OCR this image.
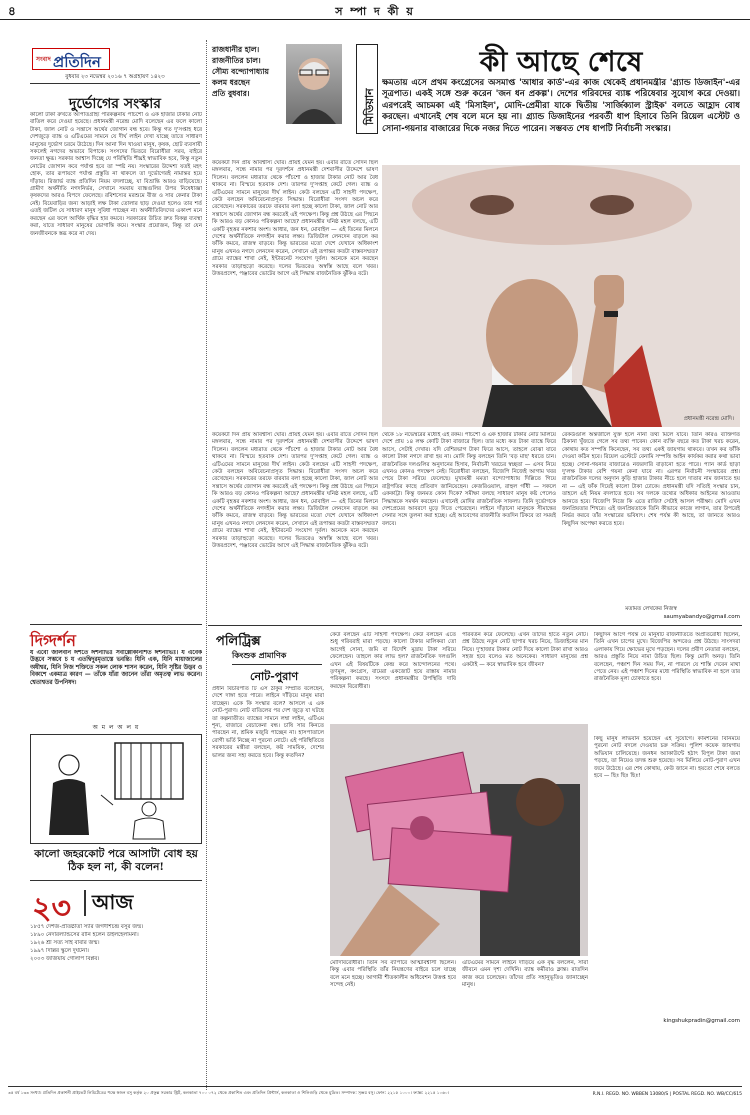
৪	স ম্পা দ কী য়
সংবাদ প্রতিদিন
বুধবার ২৩ নভেম্বর ২০১৬ ৭ অগ্রহায়ণ ১৪২৩
দুর্ভোগের সংস্কার
কালো টাকা রুখতে আপাতগ্রাহ্য পরিকল্পনায় পাঁচশো ও এক হাজার টাকার নোট বাতিল করে দেওয়া হয়েছে। প্রধানমন্ত্রী নরেন্দ্র মোদি বলেছেন এর ফলে কালো টাকা, জাল নোট ও সন্ত্রাসে অর্থের জোগান বন্ধ হবে। কিন্তু গত দু'সপ্তাহ ধরে দেশজুড়ে ব্যাঙ্ক ও এটিএমের সামনে যে দীর্ঘ লাইন দেখা যাচ্ছে তাতে সাধারণ মানুষের দুর্ভোগ চরমে উঠেছে। দিন আনা দিন খাওয়া মানুষ, কৃষক, ছোট ব্যবসায়ী সকলেই নগদের অভাবে বিপাকে। সংসদের ভিতরে বিরোধীরা সরব, বাইরে জনতা ক্ষুব্ধ। সরকার আশ্বাস দিচ্ছে যে পরিস্থিতি শীঘ্রই স্বাভাবিক হবে, কিন্তু নতুন নোটের জোগান কবে পর্যাপ্ত হবে তা স্পষ্ট নয়। সংস্কারের উদ্দেশ্য যতই মহৎ হোক, তার রূপায়ণে পর্যাপ্ত প্রস্তুতি না থাকলে তা দুর্ভোগেরই নামান্তর হয়ে দাঁড়ায়। রিজার্ভ ব্যাঙ্ক প্রতিদিন নিয়ম বদলাচ্ছে, যা বিভ্রান্তি আরও বাড়িয়েছে। গ্রামীণ অর্থনীতি নগদনির্ভর, সেখানে সমবায় ব্যাঙ্কগুলির উপর নিষেধাজ্ঞা কৃষকদের আরও বিপদে ফেলেছে। রবিশস্যের মরশুমে বীজ ও সার কেনার টাকা নেই। বিয়েবাড়ির জন্য আড়াই লক্ষ টাকা তোলার ছাড় দেওয়া হলেও তার শর্ত এতই জটিল যে সাধারণ মানুষ সুবিধা পাচ্ছেন না। অর্থনীতিবিদদের একাংশ মনে করছেন এর ফলে আর্থিক বৃদ্ধির হার কমবে। সরকারের উচিত দ্রুত বিকল্প ব্যবস্থা করা, যাতে সাধারণ মানুষের ভোগান্তি কমে। সংস্কার প্রয়োজন, কিন্তু তা যেন জনজীবনকে স্তব্ধ করে না দেয়।
দিগ্দর্শন
য এবো জালবান ঈশতে ঈশনীভিঃ সর্বাঁল্লোকানীশত ঈশনীভিঃ। য এবৈক উদ্ভবে সম্ভবে চ য এতদ্বিদুরমৃতাস্তে ভবন্তি। যিনি এক, যিনি মায়াজালের অধীশ্বর, যিনি নিজ শক্তিতে সকল লোক শাসন করেন, যিনি সৃষ্টির উদ্ভব ও বিকাশে একমাত্র কারণ — তাঁকে যাঁরা জানেন তাঁরা অমৃতত্ব লাভ করেন। শ্বেতাশ্বতর উপনিষদ।
অ ম ল অ ল য়
কালো জহরকোট পরে আসাটা বোধ হয় ঠিক হল না, কী বলেন!
২৩ আজ
১৮৫৭ দেশজ-প্রতিষ্ঠাতা স্যার জগদীশচন্দ্র বসুর জন্ম।
১৮৯০ নেদারল্যান্ডসের রানি হলেন উইলহেলমিনা।
১৯২৬ শ্রী সত্য সাঁই বাবার জন্ম।
১৯৯৭ দিল্লির স্কুলে দুর্ঘটনা।
২০০৩ জর্জিয়ায় গোলাপ বিপ্লব।
রাজধানীর হাল।
রাজনীতির চাল।
সৌম্য বন্দ্যোপাধ্যায়
কলম ধরছেন
প্রতি বুধবার।	মিডিয়ান
কী আছে শেষে
ক্ষমতায় এসে প্রথম কংগ্রেসের অসমাপ্ত 'আধার কার্ড'-এর কাজ থেকেই প্রধানমন্ত্রীর 'গ্র্যান্ড ডিজাইন'-এর সূত্রপাত। একই সঙ্গে শুরু করেন 'জন ধন প্রকল্প'। দেশের গরিবদের ব্যাঙ্ক পরিষেবার সুযোগ করে দেওয়া। এরপরেই আচমকা এই 'মিসাইল', মোদি-প্রেমীরা যাকে দ্বিতীয় 'সার্জিক্যাল স্ট্রাইক' বলতে আহ্লাদ বোধ করছেন। এখানেই শেষ বলে মনে হয় না। গ্র্যান্ড ডিজাইনের পরবর্তী ধাপ হিসাবে তিনি রিয়েল এস্টেট ও সোনা-গয়নার বাজারের দিকে নজর দিতে পারেন। সম্ভবত শেষ ধাপটি নির্বাচনী সংস্কার।
কয়েকটা দিন প্রায় অবিশ্বাস্য ঘোর। প্রায়ই যেমন হয়। এবার রাতে সেদিন ছিল মঙ্গলবার, সন্ধে নামার পর দূরদর্শনে প্রধানমন্ত্রী দেশবাসীর উদ্দেশে ভাষণ দিলেন। বললেন মধ্যরাত থেকে পাঁচশো ও হাজার টাকার নোট আর বৈধ থাকবে না। বিস্ময়ে হতবাক দেশ। তারপর দু'সপ্তাহ কেটে গেল। ব্যাঙ্ক ও এটিএমের সামনে মানুষের দীর্ঘ লাইন। কেউ বলছেন এটি সাহসী পদক্ষেপ, কেউ বলছেন অবিবেচনাপ্রসূত সিদ্ধান্ত। বিরোধীরা সংসদ অচল করে রেখেছেন। সরকারের তরফে বারবার বলা হচ্ছে কালো টাকা, জাল নোট আর সন্ত্রাসে অর্থের জোগান বন্ধ করতেই এই পদক্ষেপ। কিন্তু প্রশ্ন উঠছে এর পিছনে কি আরও বড় কোনও পরিকল্পনা আছে? প্রধানমন্ত্রীর ঘনিষ্ঠ মহল বলছে, এটি একটি বৃহত্তর নকশার অংশ। আধার, জন ধন, মোবাইল — এই তিনের মিলনে দেশের অর্থনীতিকে নগদহীন করার লক্ষ্য। ডিজিটাল লেনদেন বাড়লে কর ফাঁকি কমবে, রাজস্ব বাড়বে। কিন্তু ভারতের মতো দেশে যেখানে অধিকাংশ মানুষ এখনও নগদে লেনদেন করেন, সেখানে এই রূপান্তর কতটা বাস্তবসম্মত? গ্রামে ব্যাঙ্কের শাখা নেই, ইন্টারনেট সংযোগ দুর্বল। অনেকে মনে করছেন সরকার তাড়াহুড়ো করেছে। দলের ভিতরেও অস্বস্তি আছে বলে খবর। উত্তরপ্রদেশ, পঞ্জাবের ভোটের আগে এই সিদ্ধান্ত রাজনৈতিক ঝুঁকিও বটে।
প্রধানমন্ত্রী নরেন্দ্র মোদি।
কয়েকটা দিন প্রায় অবিশ্বাস্য ঘোর। প্রায়ই যেমন হয়। এবার রাতে সেদিন ছিল মঙ্গলবার, সন্ধে নামার পর দূরদর্শনে প্রধানমন্ত্রী দেশবাসীর উদ্দেশে ভাষণ দিলেন। বললেন মধ্যরাত থেকে পাঁচশো ও হাজার টাকার নোট আর বৈধ থাকবে না। বিস্ময়ে হতবাক দেশ। তারপর দু'সপ্তাহ কেটে গেল। ব্যাঙ্ক ও এটিএমের সামনে মানুষের দীর্ঘ লাইন। কেউ বলছেন এটি সাহসী পদক্ষেপ, কেউ বলছেন অবিবেচনাপ্রসূত সিদ্ধান্ত। বিরোধীরা সংসদ অচল করে রেখেছেন। সরকারের তরফে বারবার বলা হচ্ছে কালো টাকা, জাল নোট আর সন্ত্রাসে অর্থের জোগান বন্ধ করতেই এই পদক্ষেপ। কিন্তু প্রশ্ন উঠছে এর পিছনে কি আরও বড় কোনও পরিকল্পনা আছে? প্রধানমন্ত্রীর ঘনিষ্ঠ মহল বলছে, এটি একটি বৃহত্তর নকশার অংশ। আধার, জন ধন, মোবাইল — এই তিনের মিলনে দেশের অর্থনীতিকে নগদহীন করার লক্ষ্য। ডিজিটাল লেনদেন বাড়লে কর ফাঁকি কমবে, রাজস্ব বাড়বে। কিন্তু ভারতের মতো দেশে যেখানে অধিকাংশ মানুষ এখনও নগদে লেনদেন করেন, সেখানে এই রূপান্তর কতটা বাস্তবসম্মত? গ্রামে ব্যাঙ্কের শাখা নেই, ইন্টারনেট সংযোগ দুর্বল। অনেকে মনে করছেন সরকার তাড়াহুড়ো করেছে। দলের ভিতরেও অস্বস্তি আছে বলে খবর। উত্তরপ্রদেশ, পঞ্জাবের ভোটের আগে এই সিদ্ধান্ত রাজনৈতিক ঝুঁকিও বটে।
থেকে ১৮ নভেম্বরের মধ্যেই এই রকম। পাঁচশো ও এক হাজার টাকার নোট মিলিয়ে দেশে প্রায় ১৪ লক্ষ কোটি টাকা বাজারে ছিল। তার মধ্যে কত টাকা ব্যাঙ্কে ফিরে আসে, সেটাই দেখার। যদি বেশিরভাগ টাকা ফিরে আসে, তাহলে বোঝা যাবে কালো টাকা নগদে রাখা হয় না। মোদি কিন্তু বলছেন তিনি 'বড় মাছ' ধরতে চান। রাজনৈতিক দলগুলির অনুদানের হিসাব, নির্বাচনী খরচের স্বচ্ছতা — এসব নিয়ে এখনও কোনও পদক্ষেপ নেই। বিরোধীরা বলছেন, বিজেপি নিজেই আগাম খবর পেয়ে টাকা সরিয়ে ফেলেছে। মুখ্যমন্ত্রী মমতা বন্দ্যোপাধ্যায় দিল্লিতে গিয়ে রাষ্ট্রপতির কাছে প্রতিবাদ জানিয়েছেন। কেজরিওয়াল, রাহুল গাঁধী — সকলে এককাট্টা। কিন্তু জনমত কোন দিকে? সমীক্ষা বলছে সাধারণ মানুষ কষ্ট পেলেও সিদ্ধান্তকে সমর্থন করছেন। এখানেই মোদির রাজনৈতিক সাফল্য। তিনি দুর্ভোগকে দেশপ্রেমের আবরণে মুড়ে দিতে পেরেছেন। লাইনে দাঁড়ানো মানুষকে সীমান্তের সেনার সঙ্গে তুলনা করা হচ্ছে। এই আবেগের রাজনীতি কতদিন টিকবে তা সময়ই বলবে।
রেকর্ডগুলি অন্তর্জালে যুক্ত হলে নানা তথ্য মিলে যাবে। তিনি কারও ব্যক্তিগত ঠিকানা খুঁজতে গেলে সব তথ্য পাবেন। কোন ব্যক্তি বছরে কত টাকা খরচ করেন, কোথায় কত সম্পত্তি কিনেছেন, সব তথ্য একই জায়গায় থাকবে। তখন কর ফাঁকি দেওয়া কঠিন হবে। রিয়েল এস্টেটে বেনামি সম্পত্তি আইন কার্যকর করার কথা ভাবা হচ্ছে। সোনা-গয়নার বাজারেও নজরদারি বাড়ানো হতে পারে। প্যান কার্ড ছাড়া দু'লক্ষ টাকার বেশি গয়না কেনা যাবে না। এরপর নির্বাচনী সংস্কারের প্রশ্ন। রাজনৈতিক দলের অনুদান কুড়ি হাজার টাকার নীচে হলে দাতার নাম জানাতে হয় না — এই ফাঁক দিয়েই কালো টাকা ঢোকে। প্রধানমন্ত্রী যদি সত্যিই সংস্কার চান, তাহলে এই নিয়ম বদলাতে হবে। সব দলকে তথ্যের অধিকার আইনের আওতায় আনতে হবে। বিজেপি নিজে কি এতে রাজি? সেটাই আসল পরীক্ষা। মোদি এখন জনপ্রিয়তার শিখরে। এই জনপ্রিয়তাকে তিনি কীভাবে কাজে লাগান, তার উপরেই নির্ভর করবে তাঁর সংস্কারের ভবিষ্যৎ। শেষ পর্যন্ত কী আছে, তা জানতে আরও কিছুদিন অপেক্ষা করতে হবে।
মতামত লেখকের নিজস্ব
saumyabandyo@gmail.com
পলিট্রিক্স
কিংশুক প্রামাণিক
নোট-পুরাণ
প্রধান বিচারপতি টি এস ঠাকুর সম্প্রতি বলেছেন, দেশে দাঙ্গা হতে পারে। লাইনে দাঁড়িয়ে মানুষ মারা যাচ্ছেন। একে কি সংস্কার বলে? আসলে এ এক নোট-পুরাণ। নোট বাতিলের পর দেশ জুড়ে যা ঘটছে তা কল্পনাতীত। ব্যাঙ্কের সামনে লম্বা লাইন, এটিএম শূন্য, বাজারে বেচাকেনা বন্ধ। চাষি সার কিনতে পারছেন না, শ্রমিক মজুরি পাচ্ছেন না। হাসপাতালে রোগী ভর্তি নিচ্ছে না পুরনো নোটে। এই পরিস্থিতিতে সরকারের মন্ত্রীরা বলছেন, কষ্ট সাময়িক, দেশের ভালর জন্য সহ্য করতে হবে। কিন্তু কতদিন?
কেউ বলছেন এটি সাহসী পদক্ষেপ। কেউ বলছেন এতে শুধু গরিবরাই মারা পড়ছে। কালো টাকার মালিকরা তো আগেই সোনা, জমি বা বিদেশি মুদ্রায় টাকা সরিয়ে ফেলেছেন। তাহলে কার লাভ হল? রাজনৈতিক দলগুলি এখন এই বিষয়টিকে কেন্দ্র করে আন্দোলনের পথে। তৃণমূল, কংগ্রেস, বামেরা একজোট হয়ে রাস্তায় নামার পরিকল্পনা করছে। সংসদে প্রধানমন্ত্রীর উপস্থিতি দাবি করছেন বিরোধীরা।
পরিবর্তন করে ফেলেছে। এখন তাদের হাতে নতুন নোট। প্রশ্ন উঠছে নতুন নোট ছাপার খরচ নিয়ে, ডিজাইনের মান নিয়ে। দু'হাজার টাকার নোট দিয়ে কালো টাকা রাখা আরও সহজ হবে বলেও মত অনেকের। সাধারণ মানুষের প্রশ্ন একটাই — কবে স্বাভাবিক হবে জীবন?
কিছুদিন আগে পর্যন্ত যে মানুষটি রাজনীতিতে অপ্রতিরোধ্য ছিলেন, তিনি এখন চাপের মুখে। বিজেপির অন্দরেও প্রশ্ন উঠছে। সাংসদরা এলাকায় গিয়ে ক্ষোভের মুখে পড়ছেন। দলের প্রবীণ নেতারা বলছেন, আরও প্রস্তুতি নিয়ে নামা উচিত ছিল। কিন্তু মোদি অনড়। তিনি বলেছেন, পঞ্চাশ দিন সময় দিন, না পারলে যে শাস্তি দেবেন মাথা পেতে নেব। এই পঞ্চাশ দিনের মধ্যে পরিস্থিতি স্বাভাবিক না হলে তার রাজনৈতিক মূল্য চোকাতে হবে।
কিছু মানুষ লাভবান হয়েছেন এই সুযোগে। কমিশনের বিনিময়ে পুরনো নোট বদলে দেওয়ার চক্র সক্রিয়। পুলিশ কয়েক জায়গায় অভিযান চালিয়েছে। জনধন অ্যাকাউন্টে হঠাৎ বিপুল টাকা জমা পড়ছে, তা নিয়েও তদন্ত শুরু হয়েছে। সব মিলিয়ে নোট-পুরাণ এখন জমে উঠেছে। এর শেষ কোথায়, কেউ জানে না। হয়তো শেষে বলতে হবে — ছিঃ ছিঃ ছিঃ!
মোদিবিরোধীরা। তিনি সব ব্যাপারে আত্মবিশ্বাসী ছিলেন। কিন্তু এবার পরিস্থিতি তাঁর নিয়ন্ত্রণের বাইরে চলে যাচ্ছে বলে মনে হচ্ছে। আগামী শীতকালীন অধিবেশন উত্তপ্ত হবে সন্দেহ নেই।
এটিএমের সামনে লাইনে দাঁড়িয়ে এক বৃদ্ধ বললেন, সারা জীবনে এমন দৃশ্য দেখিনি। ব্যাঙ্ক কর্মীরাও ক্লান্ত। রাতদিন কাজ করে চলেছেন। তাঁদের প্রতি সহানুভূতিও জানাচ্ছেন মানুষ।
kingshukpradin@gmail.com
৩৫ বর্ষ ১৩৩ সংখ্যা। প্রতিদিন প্রকাশনী প্রাইভেট লিমিটেডের পক্ষে স্বজন বসু কর্তৃক ২০ প্রফুল্ল সরকার স্ট্রিট, কলকাতা ৭০০ ০৭২ থেকে প্রকাশিত এবং প্রতিদিন প্রিন্টার্স, কলকাতা ও শিলিগুড়ি থেকে মুদ্রিত। সম্পাদক: সৃঞ্জয় বসু। ফোন: ২২১৫ ১০০০। ফ্যাক্স: ২২১৫ ১০৬০।	R.N.I. REGD. NO. WBBEN 13080/S | POSTAL REGD. NO. WB/CC/615
